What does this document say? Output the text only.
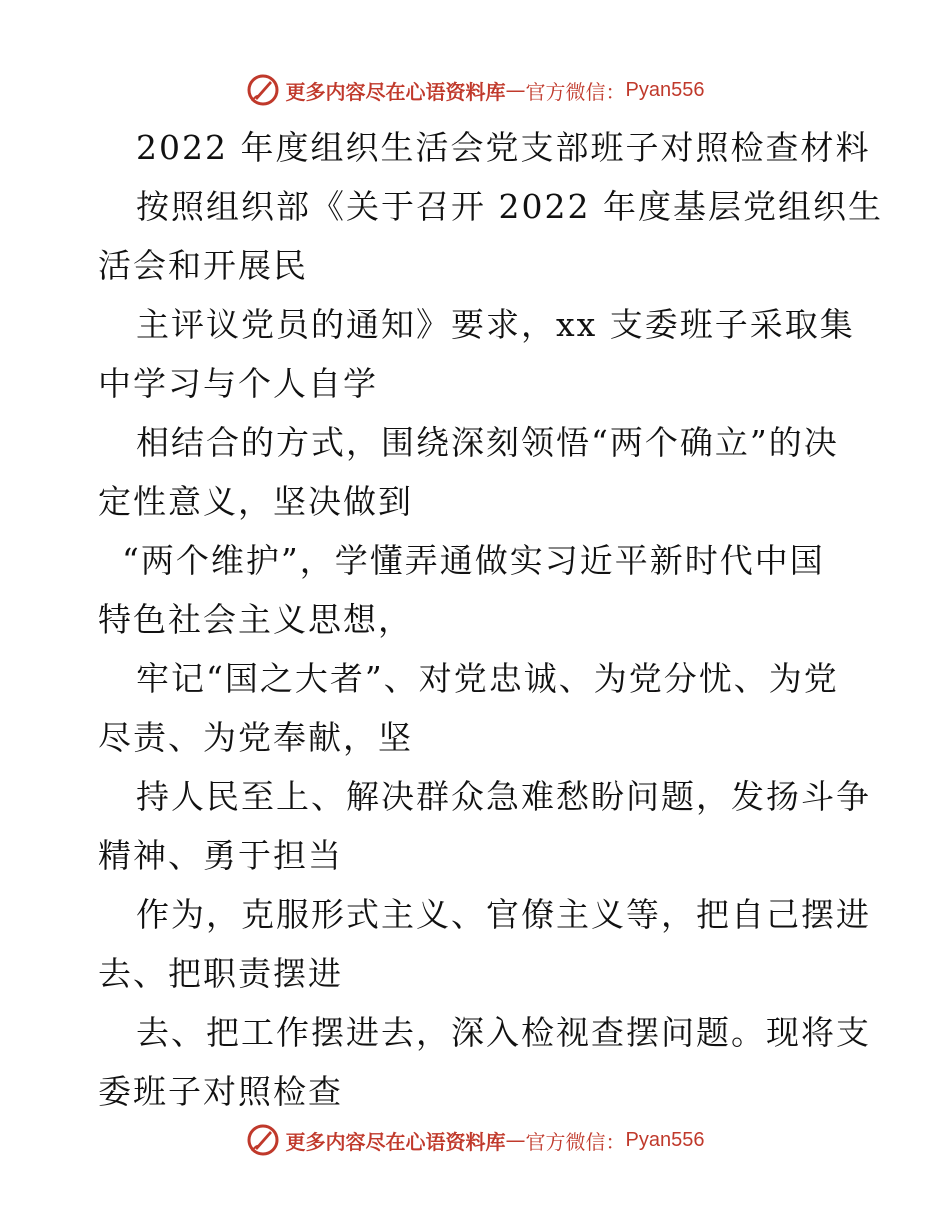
更多内容尽在心语资料库 — 官方微信： Pyan556
2022 年度组织生活会党支部班子对照检查材料
按照组织部《关于召开 2022 年度基层党组织生
活会和开展民
主评议党员的通知》要求，xx 支委班子采取集
中学习与个人自学
相结合的方式，围绕深刻领悟“两个确立”的决
定性意义，坚决做到
“两个维护”，学懂弄通做实习近平新时代中国
特色社会主义思想，
牢记“国之大者”、对党忠诚、为党分忧、为党
尽责、为党奉献，坚
持人民至上、解决群众急难愁盼问题，发扬斗争
精神、勇于担当
作为，克服形式主义、官僚主义等，把自己摆进
去、把职责摆进
去、把工作摆进去，深入检视查摆问题。现将支
委班子对照检查
更多内容尽在心语资料库 — 官方微信： Pyan556
